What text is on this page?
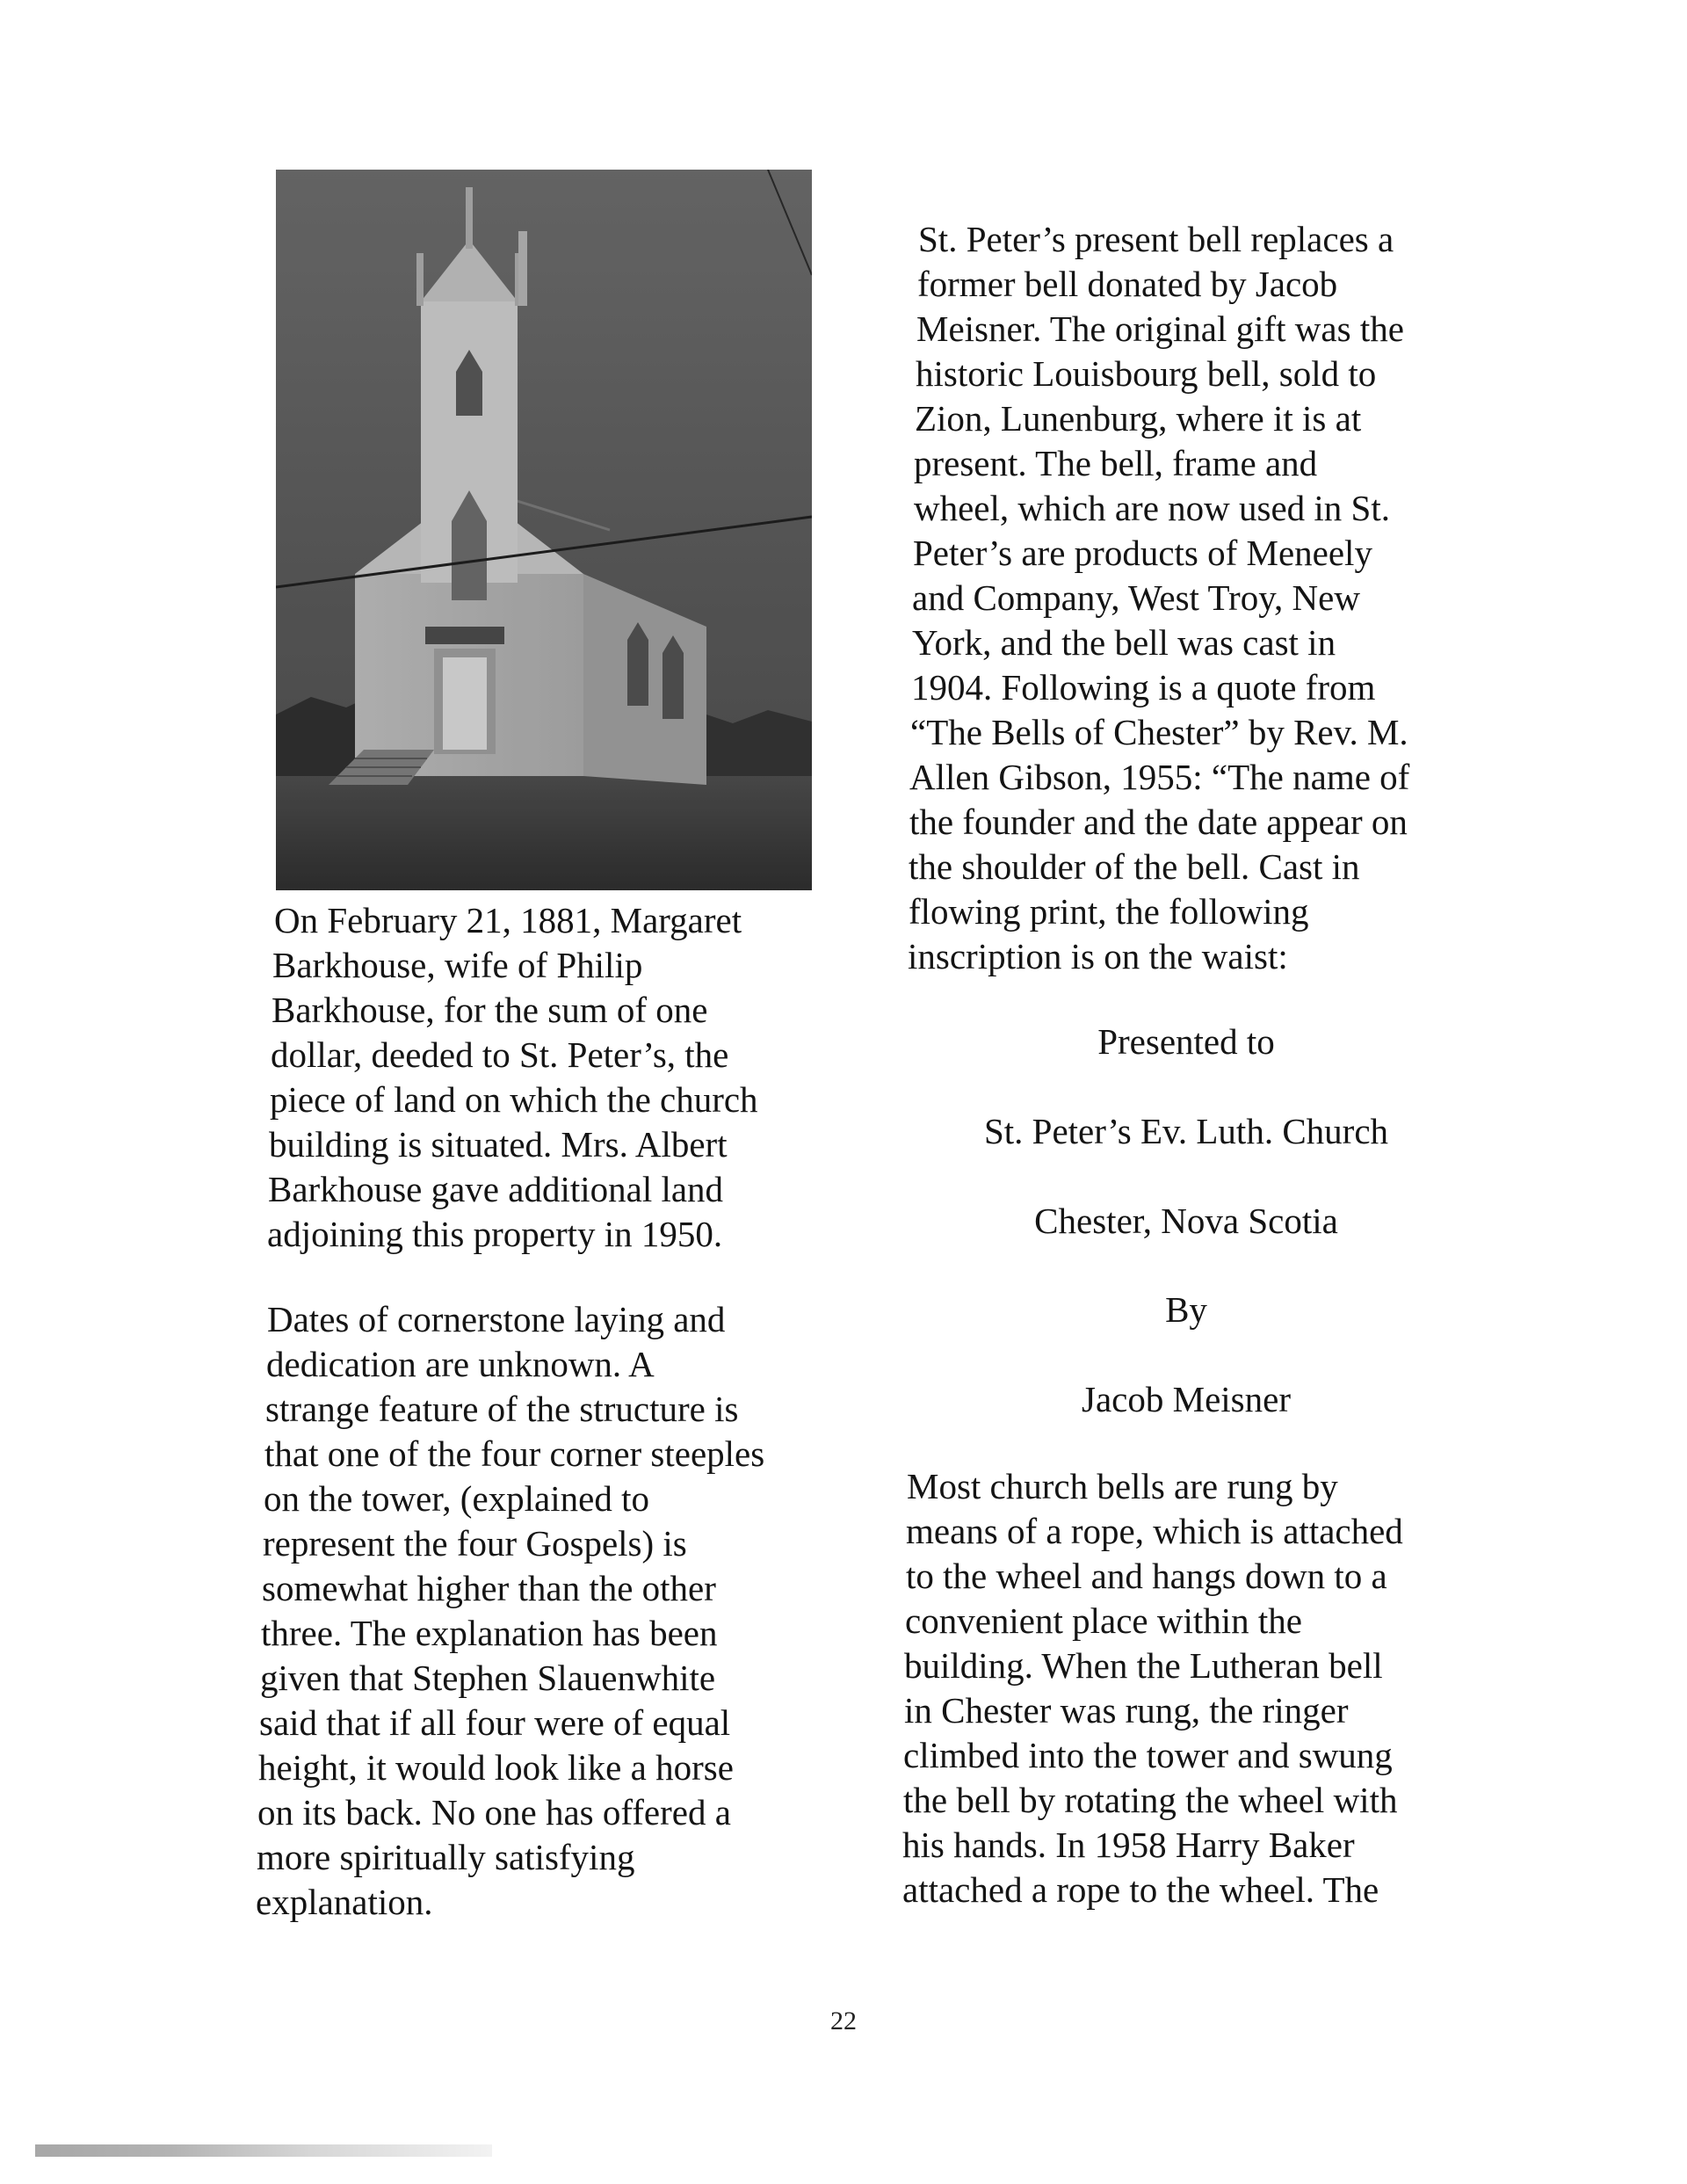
On February 21, 1881, Margaret
Barkhouse, wife of Philip
Barkhouse, for the sum of one
dollar, deeded to St. Peter’s, the
piece of land on which the church
building is situated. Mrs. Albert
Barkhouse gave additional land
adjoining this property in 1950.
Dates of cornerstone laying and
dedication are unknown. A
strange feature of the structure is
that one of the four corner steeples
on the tower, (explained to
represent the four Gospels) is
somewhat higher than the other
three. The explanation has been
given that Stephen Slauenwhite
said that if all four were of equal
height, it would look like a horse
on its back. No one has offered a
more spiritually satisfying
explanation.
St. Peter’s present bell replaces a
former bell donated by Jacob
Meisner. The original gift was the
historic Louisbourg bell, sold to
Zion, Lunenburg, where it is at
present. The bell, frame and
wheel, which are now used in St.
Peter’s are products of Meneely
and Company, West Troy, New
York, and the bell was cast in
1904. Following is a quote from
“The Bells of Chester” by Rev. M.
Allen Gibson, 1955: “The name of
the founder and the date appear on
the shoulder of the bell. Cast in
flowing print, the following
inscription is on the waist:
Presented to
St. Peter’s Ev. Luth. Church
Chester, Nova Scotia
By
Jacob Meisner
Most church bells are rung by
means of a rope, which is attached
to the wheel and hangs down to a
convenient place within the
building. When the Lutheran bell
in Chester was rung, the ringer
climbed into the tower and swung
the bell by rotating the wheel with
his hands. In 1958 Harry Baker
attached a rope to the wheel. The
22
